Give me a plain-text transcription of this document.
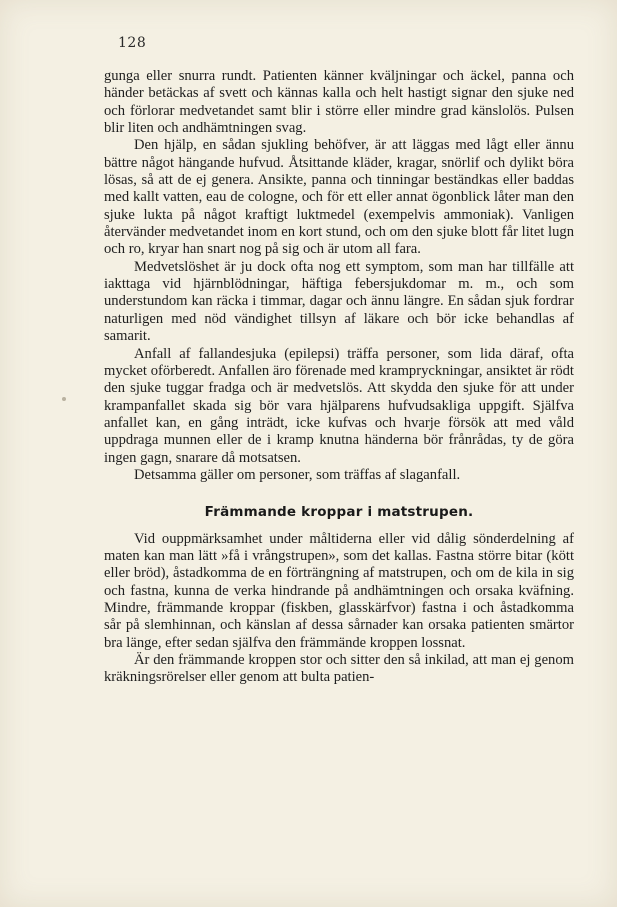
128

gunga eller snurra rundt. Patienten känner kväljningar och äckel, panna och händer betäckas af svett och kännas kalla och helt hastigt signar den sjuke ned och förlorar medvetandet samt blir i större eller mindre grad känslolös. Pulsen blir liten och andhämtningen svag.

Den hjälp, en sådan sjukling behöfver, är att läggas med lågt eller ännu bättre något hängande hufvud. Åtsittande kläder, kragar, snörlif och dylikt böra lösas, så att de ej genera. Ansikte, panna och tinningar beständkas eller baddas med kallt vatten, eau de cologne, och för ett eller annat ögonblick låter man den sjuke lukta på något kraftigt luktmedel (exempelvis ammoniak). Vanligen återvänder medvetandet inom en kort stund, och om den sjuke blott får litet lugn och ro, kryar han snart nog på sig och är utom all fara.

Medvetslöshet är ju dock ofta nog ett symptom, som man har tillfälle att iakttaga vid hjärnblödningar, häftiga febersjukdomar m. m., och som understundom kan räcka i timmar, dagar och ännu längre. En sådan sjuk fordrar naturligen med nöd vändighet tillsyn af läkare och bör icke behandlas af samarit.

Anfall af fallandesjuka (epilepsi) träffa personer, som lida däraf, ofta mycket oförberedt. Anfallen äro förenade med krampryckningar, ansiktet är rödt den sjuke tuggar fradga och är medvetslös. Att skydda den sjuke för att under krampanfallet skada sig bör vara hjälparens hufvudsakliga uppgift. Själfva anfallet kan, en gång inträdt, icke kufvas och hvarje försök att med våld uppdraga munnen eller de i kramp knutna händerna bör frånrådas, ty de göra ingen gagn, snarare då motsatsen.

Detsamma gäller om personer, som träffas af slaganfall.

Främmande kroppar i matstrupen.

Vid ouppmärksamhet under måltiderna eller vid dålig sönderdelning af maten kan man lätt »få i vrångstrupen», som det kallas. Fastna större bitar (kött eller bröd), åstadkomma de en förträngning af matstrupen, och om de kila in sig och fastna, kunna de verka hindrande på andhämtningen och orsaka kväfning. Mindre, främmande kroppar (fiskben, glasskärfvor) fastna i och åstadkomma sår på slemhinnan, och känslan af dessa sårnader kan orsaka patienten smärtor bra länge, efter sedan själfva den främmände kroppen lossnat.

Är den främmande kroppen stor och sitter den så inkilad, att man ej genom kräkningsrörelser eller genom att bulta patien-
